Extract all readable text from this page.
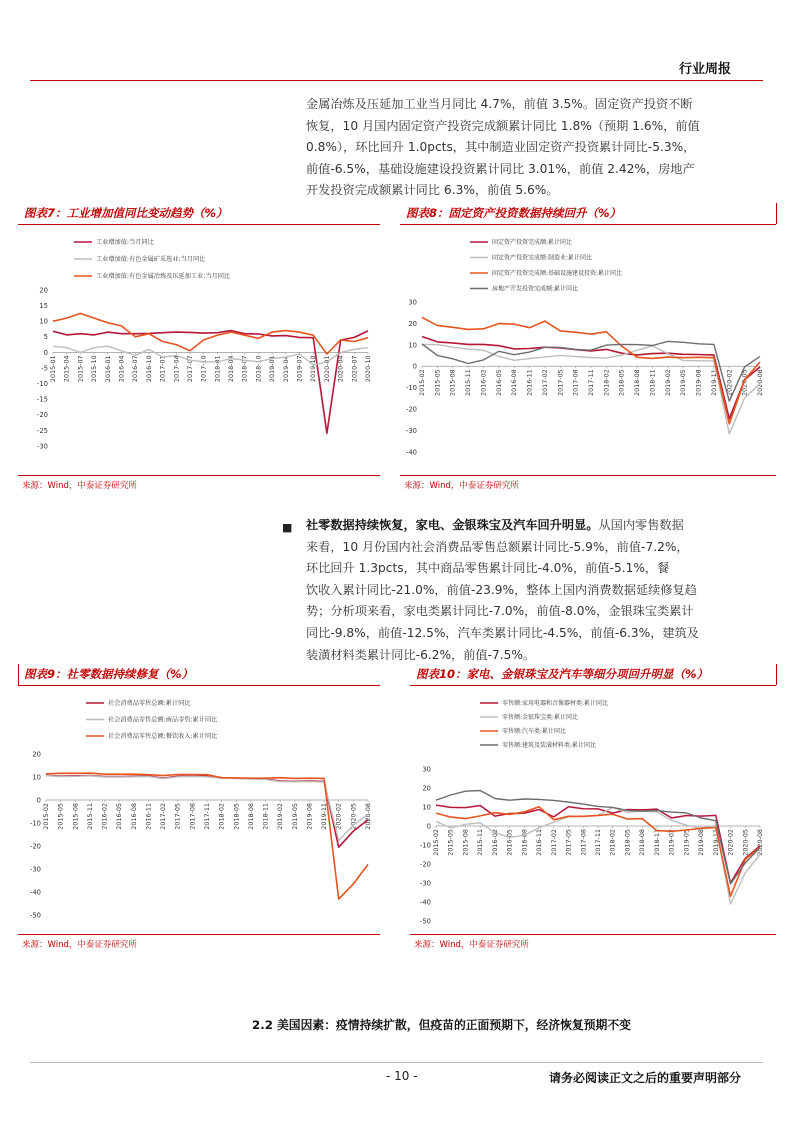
行业周报
金属冶炼及压延加工业当月同比 4.7%，前值 3.5%。固定资产投资不断
恢复，10 月国内固定资产投资完成额累计同比 1.8%（预期 1.6%，前值
0.8%），环比回升 1.0pcts，其中制造业固定资产投资累计同比-5.3%，
前值-6.5%，基础设施建设投资累计同比 3.01%，前值 2.42%，房地产
开发投资完成额累计同比 6.3%，前值 5.6%。
图表7：工业增加值同比变动趋势（%）	图表8：固定资产投资数据持续回升（%）
工业增加值:当月同比
工业增加值:有色金属矿采选业:当月同比
工业增加值:有色金属冶炼及压延加工业:当月同比
20
15
10
5
0
-5
-10
-15
-20
-25
-30
2015-01 2015-04 2015-07 2015-10 2016-01 2016-04 2016-07 2016-10 2017-01 2017-04 2017-07 2017-10 2018-01 2018-04 2018-07 2018-10 2019-01 2019-04 2019-07 2019-10 2020-01 2020-04 2020-07 2020-10
固定资产投资完成额:累计同比
固定资产投资完成额:制造业:累计同比
固定资产投资完成额:基础设施建设投资:累计同比
房地产开发投资完成额:累计同比
30
20
10
0
-10
-20
-30
-40
2015-02 2015-05 2015-08 2015-11 2016-02 2016-05 2016-08 2016-11 2017-02 2017-05 2017-08 2017-11 2018-02 2018-05 2018-08 2018-11 2019-02 2019-05 2019-08 2019-11 2020-02 2020-05 2020-08
来源：Wind，中泰证券研究所	来源：Wind，中泰证券研究所
■ 社零数据持续恢复，家电、金银珠宝及汽车回升明显。从国内零售数据
来看，10 月份国内社会消费品零售总额累计同比-5.9%，前值-7.2%，
环比回升 1.3pcts，其中商品零售累计同比-4.0%，前值-5.1%，餐
饮收入累计同比-21.0%，前值-23.9%，整体上国内消费数据延续修复趋
势；分析项来看，家电类累计同比-7.0%，前值-8.0%，金银珠宝类累计
同比-9.8%，前值-12.5%，汽车类累计同比-4.5%，前值-6.3%，建筑及
装潢材料类累计同比-6.2%，前值-7.5%。
图表9：社零数据持续修复（%）	图表10：家电、金银珠宝及汽车等细分项回升明显（%）
社会消费品零售总额:累计同比
社会消费品零售总额:商品零售:累计同比
社会消费品零售总额:餐饮收入:累计同比
20
10
0
-10
-20
-30
-40
-50
2015-02 2015-05 2015-08 2015-11 2016-02 2016-05 2016-08 2016-11 2017-02 2017-05 2017-08 2017-11 2018-02 2018-05 2018-08 2018-11 2019-02 2019-05 2019-08 2019-11 2020-02 2020-05 2020-08
零售额:家用电器和音像器材类:累计同比
零售额:金银珠宝类:累计同比
零售额:汽车类:累计同比
零售额:建筑及装潢材料类:累计同比
30
20
10
0
-10
-20
-30
-40
-50
2015-02 2015-05 2015-08 2015-11 2016-02 2016-05 2016-08 2016-11 2017-02 2017-05 2017-08 2017-11 2018-02 2018-05 2018-08 2018-11 2019-02 2019-05 2019-08 2019-11 2020-02 2020-05 2020-08
来源：Wind，中泰证券研究所	来源：Wind，中泰证券研究所
2.2 美国因素：疫情持续扩散，但疫苗的正面预期下，经济恢复预期不变
- 10 -	请务必阅读正文之后的重要声明部分
